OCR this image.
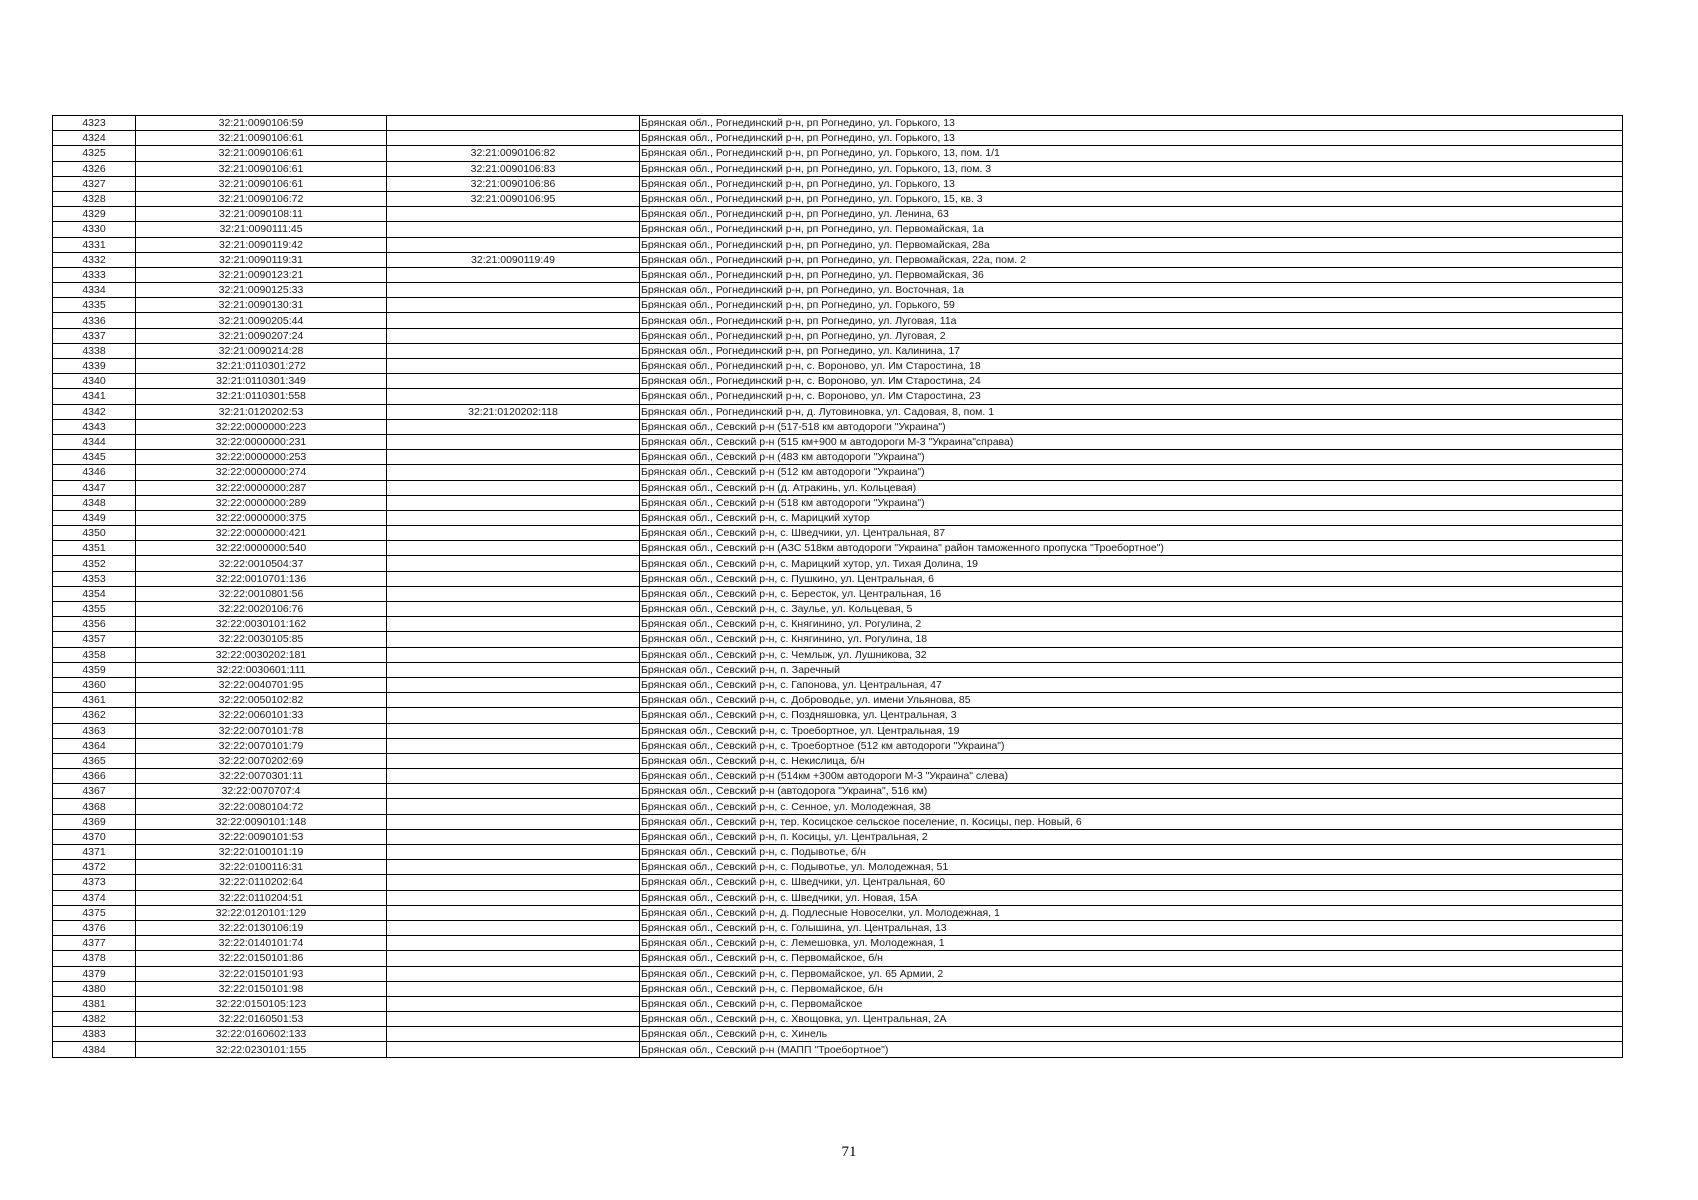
4323	32:21:0090106:59		Брянская обл., Рогнединский р-н, рп Рогнедино, ул. Горького, 13
4324	32:21:0090106:61		Брянская обл., Рогнединский р-н, рп Рогнедино, ул. Горького, 13
4325	32:21:0090106:61	32:21:0090106:82	Брянская обл., Рогнединский р-н, рп Рогнедино, ул. Горького, 13, пом. 1/1
4326	32:21:0090106:61	32:21:0090106:83	Брянская обл., Рогнединский р-н, рп Рогнедино, ул. Горького, 13, пом. 3
4327	32:21:0090106:61	32:21:0090106:86	Брянская обл., Рогнединский р-н, рп Рогнедино, ул. Горького, 13
4328	32:21:0090106:72	32:21:0090106:95	Брянская обл., Рогнединский р-н, рп Рогнедино, ул. Горького, 15, кв. 3
4329	32:21:0090108:11		Брянская обл., Рогнединский р-н, рп Рогнедино, ул. Ленина, 63
4330	32:21:0090111:45		Брянская обл., Рогнединский р-н, рп Рогнедино, ул. Первомайская, 1а
4331	32:21:0090119:42		Брянская обл., Рогнединский р-н, рп Рогнедино, ул. Первомайская, 28а
4332	32:21:0090119:31	32:21:0090119:49	Брянская обл., Рогнединский р-н, рп Рогнедино, ул. Первомайская, 22а, пом. 2
4333	32:21:0090123:21		Брянская обл., Рогнединский р-н, рп Рогнедино, ул. Первомайская, 36
4334	32:21:0090125:33		Брянская обл., Рогнединский р-н, рп Рогнедино, ул. Восточная, 1а
4335	32:21:0090130:31		Брянская обл., Рогнединский р-н, рп Рогнедино, ул. Горького, 59
4336	32:21:0090205:44		Брянская обл., Рогнединский р-н, рп Рогнедино, ул. Луговая, 11а
4337	32:21:0090207:24		Брянская обл., Рогнединский р-н, рп Рогнедино, ул. Луговая, 2
4338	32:21:0090214:28		Брянская обл., Рогнединский р-н, рп Рогнедино, ул. Калинина, 17
4339	32:21:0110301:272		Брянская обл., Рогнединский р-н, с. Вороново, ул. Им Старостина, 18
4340	32:21:0110301:349		Брянская обл., Рогнединский р-н, с. Вороново, ул. Им Старостина, 24
4341	32:21:0110301:558		Брянская обл., Рогнединский р-н, с. Вороново, ул. Им Старостина, 23
4342	32:21:0120202:53	32:21:0120202:118	Брянская обл., Рогнединский р-н, д. Лутовиновка, ул. Садовая, 8, пом. 1
4343	32:22:0000000:223		Брянская обл., Севский р-н (517-518 км автодороги "Украина")
4344	32:22:0000000:231		Брянская обл., Севский р-н (515 км+900 м автодороги М-3 "Украина"справа)
4345	32:22:0000000:253		Брянская обл., Севский р-н (483 км автодороги "Украина")
4346	32:22:0000000:274		Брянская обл., Севский р-н (512 км автодороги "Украина")
4347	32:22:0000000:287		Брянская обл., Севский р-н (д. Атракинь, ул. Кольцевая)
4348	32:22:0000000:289		Брянская обл., Севский р-н (518 км автодороги "Украина")
4349	32:22:0000000:375		Брянская обл., Севский р-н, с. Марицкий хутор
4350	32:22:0000000:421		Брянская обл., Севский р-н, с. Шведчики, ул. Центральная, 87
4351	32:22:0000000:540		Брянская обл., Севский р-н (АЗС 518км автодороги "Украина" район таможенного пропуска "Троебортное")
4352	32:22:0010504:37		Брянская обл., Севский р-н, с. Марицкий хутор, ул. Тихая Долина, 19
4353	32:22:0010701:136		Брянская обл., Севский р-н, с. Пушкино, ул. Центральная, 6
4354	32:22:0010801:56		Брянская обл., Севский р-н, с. Бересток, ул. Центральная, 16
4355	32:22:0020106:76		Брянская обл., Севский р-н, с. Заулье, ул. Кольцевая, 5
4356	32:22:0030101:162		Брянская обл., Севский р-н, с. Княгинино, ул. Рогулина, 2
4357	32:22:0030105:85		Брянская обл., Севский р-н, с. Княгинино, ул. Рогулина, 18
4358	32:22:0030202:181		Брянская обл., Севский р-н, с. Чемлыж, ул. Лушникова, 32
4359	32:22:0030601:111		Брянская обл., Севский р-н, п. Заречный
4360	32:22:0040701:95		Брянская обл., Севский р-н, с. Гапонова, ул. Центральная, 47
4361	32:22:0050102:82		Брянская обл., Севский р-н, с. Доброводье, ул. имени Ульянова, 85
4362	32:22:0060101:33		Брянская обл., Севский р-н, с. Поздняшовка, ул. Центральная, 3
4363	32:22:0070101:78		Брянская обл., Севский р-н, с. Троебортное, ул. Центральная, 19
4364	32:22:0070101:79		Брянская обл., Севский р-н, с. Троебортное (512 км автодороги "Украина")
4365	32:22:0070202:69		Брянская обл., Севский р-н, с. Некислица, б/н
4366	32:22:0070301:11		Брянская обл., Севский р-н (514км +300м автодороги М-3 "Украина" слева)
4367	32:22:0070707:4		Брянская обл., Севский р-н (автодорога "Украина", 516 км)
4368	32:22:0080104:72		Брянская обл., Севский р-н, с. Сенное, ул. Молодежная, 38
4369	32:22:0090101:148		Брянская обл., Севский р-н, тер. Косицское сельское поселение, п. Косицы, пер. Новый, 6
4370	32:22:0090101:53		Брянская обл., Севский р-н, п. Косицы, ул. Центральная, 2
4371	32:22:0100101:19		Брянская обл., Севский р-н, с. Подывотье, б/н
4372	32:22:0100116:31		Брянская обл., Севский р-н, с. Подывотье, ул. Молодежная, 51
4373	32:22:0110202:64		Брянская обл., Севский р-н, с. Шведчики, ул. Центральная, 60
4374	32:22:0110204:51		Брянская обл., Севский р-н, с. Шведчики, ул. Новая, 15А
4375	32:22:0120101:129		Брянская обл., Севский р-н, д. Подлесные Новоселки, ул. Молодежная, 1
4376	32:22:0130106:19		Брянская обл., Севский р-н, с. Голышина, ул. Центральная, 13
4377	32:22:0140101:74		Брянская обл., Севский р-н, с. Лемешовка, ул. Молодежная, 1
4378	32:22:0150101:86		Брянская обл., Севский р-н, с. Первомайское, б/н
4379	32:22:0150101:93		Брянская обл., Севский р-н, с. Первомайское, ул. 65 Армии, 2
4380	32:22:0150101:98		Брянская обл., Севский р-н, с. Первомайское, б/н
4381	32:22:0150105:123		Брянская обл., Севский р-н, с. Первомайское
4382	32:22:0160501:53		Брянская обл., Севский р-н, с. Хвощовка, ул. Центральная, 2А
4383	32:22:0160602:133		Брянская обл., Севский р-н, с. Хинель
4384	32:22:0230101:155		Брянская обл., Севский р-н (МАПП "Троебортное")
71
